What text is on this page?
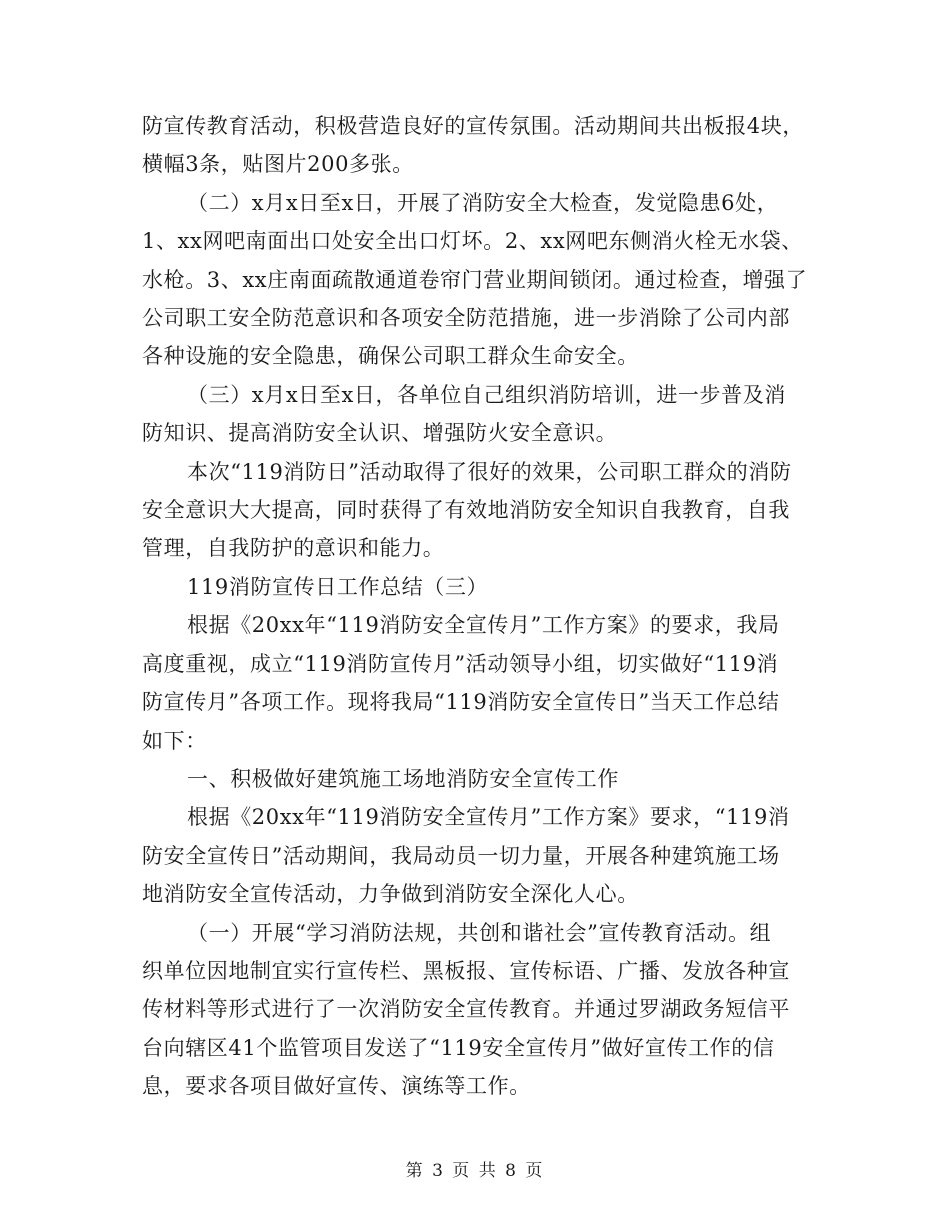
防宣传教育活动，积极营造良好的宣传氛围。活动期间共出板报4块，
横幅3条，贴图片200多张。

（二）x月x日至x日，开展了消防安全大检查，发觉隐患6处，
1、xx网吧南面出口处安全出口灯坏。2、xx网吧东侧消火栓无水袋、
水枪。3、xx庄南面疏散通道卷帘门营业期间锁闭。通过检查，增强了
公司职工安全防范意识和各项安全防范措施，进一步消除了公司内部
各种设施的安全隐患，确保公司职工群众生命安全。

（三）x月x日至x日，各单位自己组织消防培训，进一步普及消
防知识、提高消防安全认识、增强防火安全意识。

本次“119消防日”活动取得了很好的效果，公司职工群众的消防
安全意识大大提高，同时获得了有效地消防安全知识自我教育，自我
管理，自我防护的意识和能力。

119消防宣传日工作总结（三）

根据《20xx年“119消防安全宣传月”工作方案》的要求，我局
高度重视，成立“119消防宣传月”活动领导小组，切实做好“119消
防宣传月”各项工作。现将我局“119消防安全宣传日”当天工作总结
如下：

一、积极做好建筑施工场地消防安全宣传工作

根据《20xx年“119消防安全宣传月”工作方案》要求，“119消
防安全宣传日”活动期间，我局动员一切力量，开展各种建筑施工场
地消防安全宣传活动，力争做到消防安全深化人心。

（一）开展“学习消防法规，共创和谐社会”宣传教育活动。组
织单位因地制宜实行宣传栏、黑板报、宣传标语、广播、发放各种宣
传材料等形式进行了一次消防安全宣传教育。并通过罗湖政务短信平
台向辖区41个监管项目发送了“119安全宣传月”做好宣传工作的信
息，要求各项目做好宣传、演练等工作。

第 3 页 共 8 页
